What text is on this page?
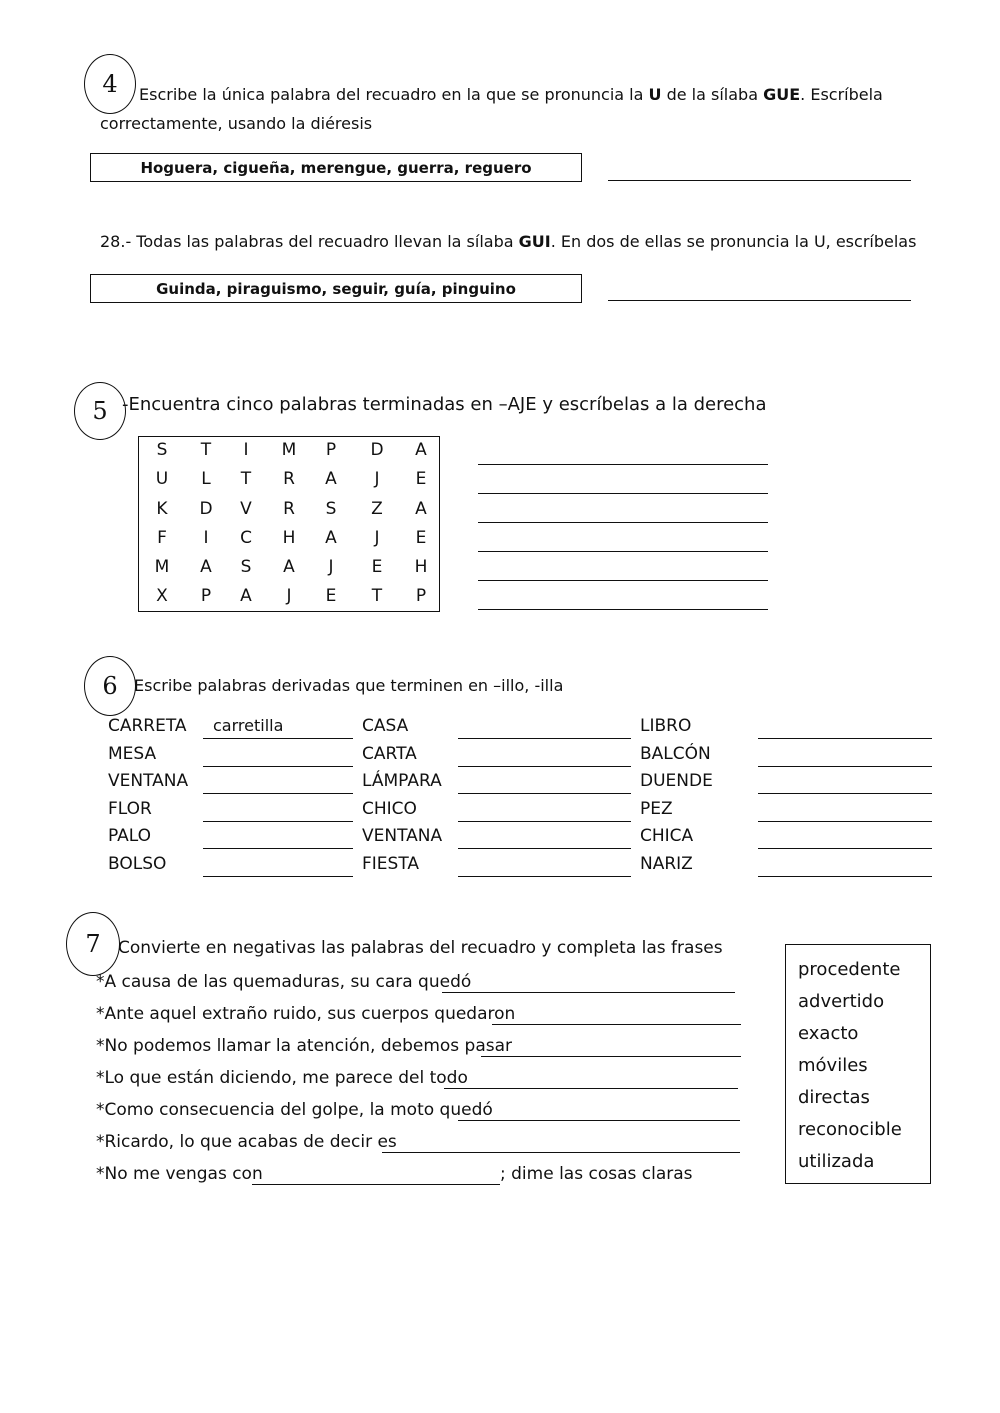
4	Escribe la única palabra del recuadro en la que se pronuncia la U de la sílaba GUE. Escríbela
correctamente, usando la diéresis
Hoguera, cigueña, merengue, guerra, reguero
28.- Todas las palabras del recuadro llevan la sílaba GUI. En dos de ellas se pronuncia la U, escríbelas
Guinda, piraguismo, seguir, guía, pinguino
5 -Encuentra cinco palabras terminadas en –AJE y escríbelas a la derecha
S	T	I	M	P	D	A
U	L	T	R	A	J	E
K	D	V	R	S	Z	A
F	I	C	H	A	J	E
M	A	S	A	J	E	H
X	P	A	J	E	T	P
6	Escribe palabras derivadas que terminen en –illo, -illa
CARRETA carretilla	CASA	LIBRO
MESA	CARTA	BALCÓN
VENTANA	LÁMPARA	DUENDE
FLOR	CHICO	PEZ
PALO	VENTANA	CHICA
BOLSO	FIESTA	NARIZ
7	Convierte en negativas las palabras del recuadro y completa las frases
*A causa de las quemaduras, su cara quedó
*Ante aquel extraño ruido, sus cuerpos quedaron
*No podemos llamar la atención, debemos pasar
*Lo que están diciendo, me parece del todo
*Como consecuencia del golpe, la moto quedó
*Ricardo, lo que acabas de decir es
*No me vengas con	; dime las cosas claras
procedente
advertido
exacto
móviles
directas
reconocible
utilizada
